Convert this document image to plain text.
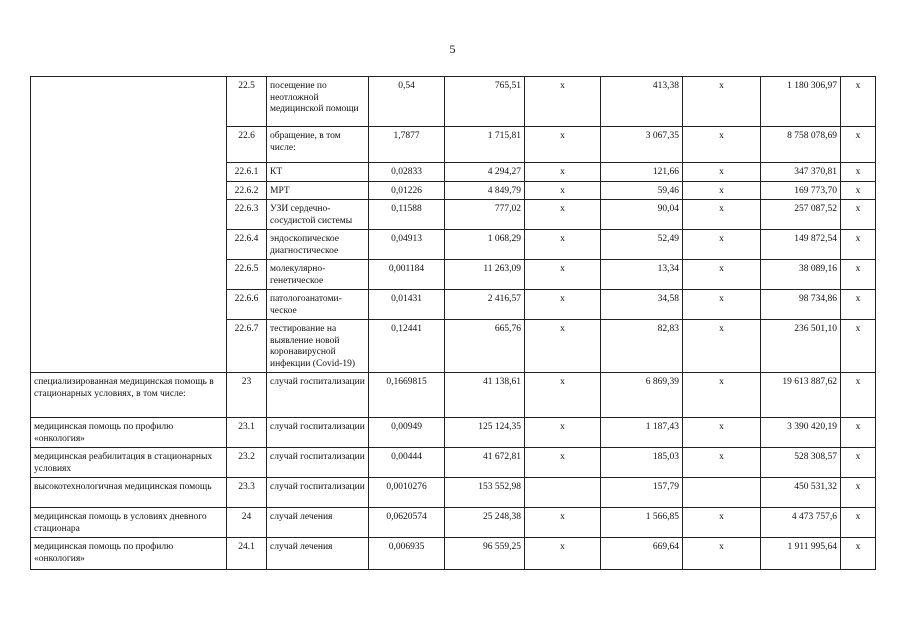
5
	22.5	посещение по неотложной медицинской помощи	0,54	765,51	x	413,38	x	1 180 306,97	x
	22.6	обращение, в том числе:	1,7877	1 715,81	x	3 067,35	x	8 758 078,69	x
	22.6.1	КТ	0,02833	4 294,27	x	121,66	x	347 370,81	x
	22.6.2	МРТ	0,01226	4 849,79	x	59,46	x	169 773,70	x
	22.6.3	УЗИ сердечно-сосудистой системы	0,11588	777,02	x	90,04	x	257 087,52	x
	22.6.4	эндоскопическое диагностическое	0,04913	1 068,29	x	52,49	x	149 872,54	x
	22.6.5	молекулярно-генетическое	0,001184	11 263,09	x	13,34	x	38 089,16	x
	22.6.6	патологоанатоми-ческое	0,01431	2 416,57	x	34,58	x	98 734,86	x
	22.6.7	тестирование на выявление новой коронавирусной инфекции (Covid-19)	0,12441	665,76	x	82,83	x	236 501,10	x
специализированная медицинская помощь в стационарных условиях, в том числе:	23	случай госпитализации	0,1669815	41 138,61	x	6 869,39	x	19 613 887,62	x
медицинская помощь по профилю «онкология»	23.1	случай госпитализации	0,00949	125 124,35	x	1 187,43	x	3 390 420,19	x
медицинская реабилитация в стационарных условиях	23.2	случай госпитализации	0,00444	41 672,81	x	185,03	x	528 308,57	x
высокотехнологичная медицинская помощь	23.3	случай госпитализации	0,0010276	153 552,98		157,79		450 531,32	x
медицинская помощь в условиях дневного стационара	24	случай лечения	0,0620574	25 248,38	x	1 566,85	x	4 473 757,6	x
медицинская помощь по профилю «онкология»	24.1	случай лечения	0,006935	96 559,25	x	669,64	x	1 911 995,64	x
